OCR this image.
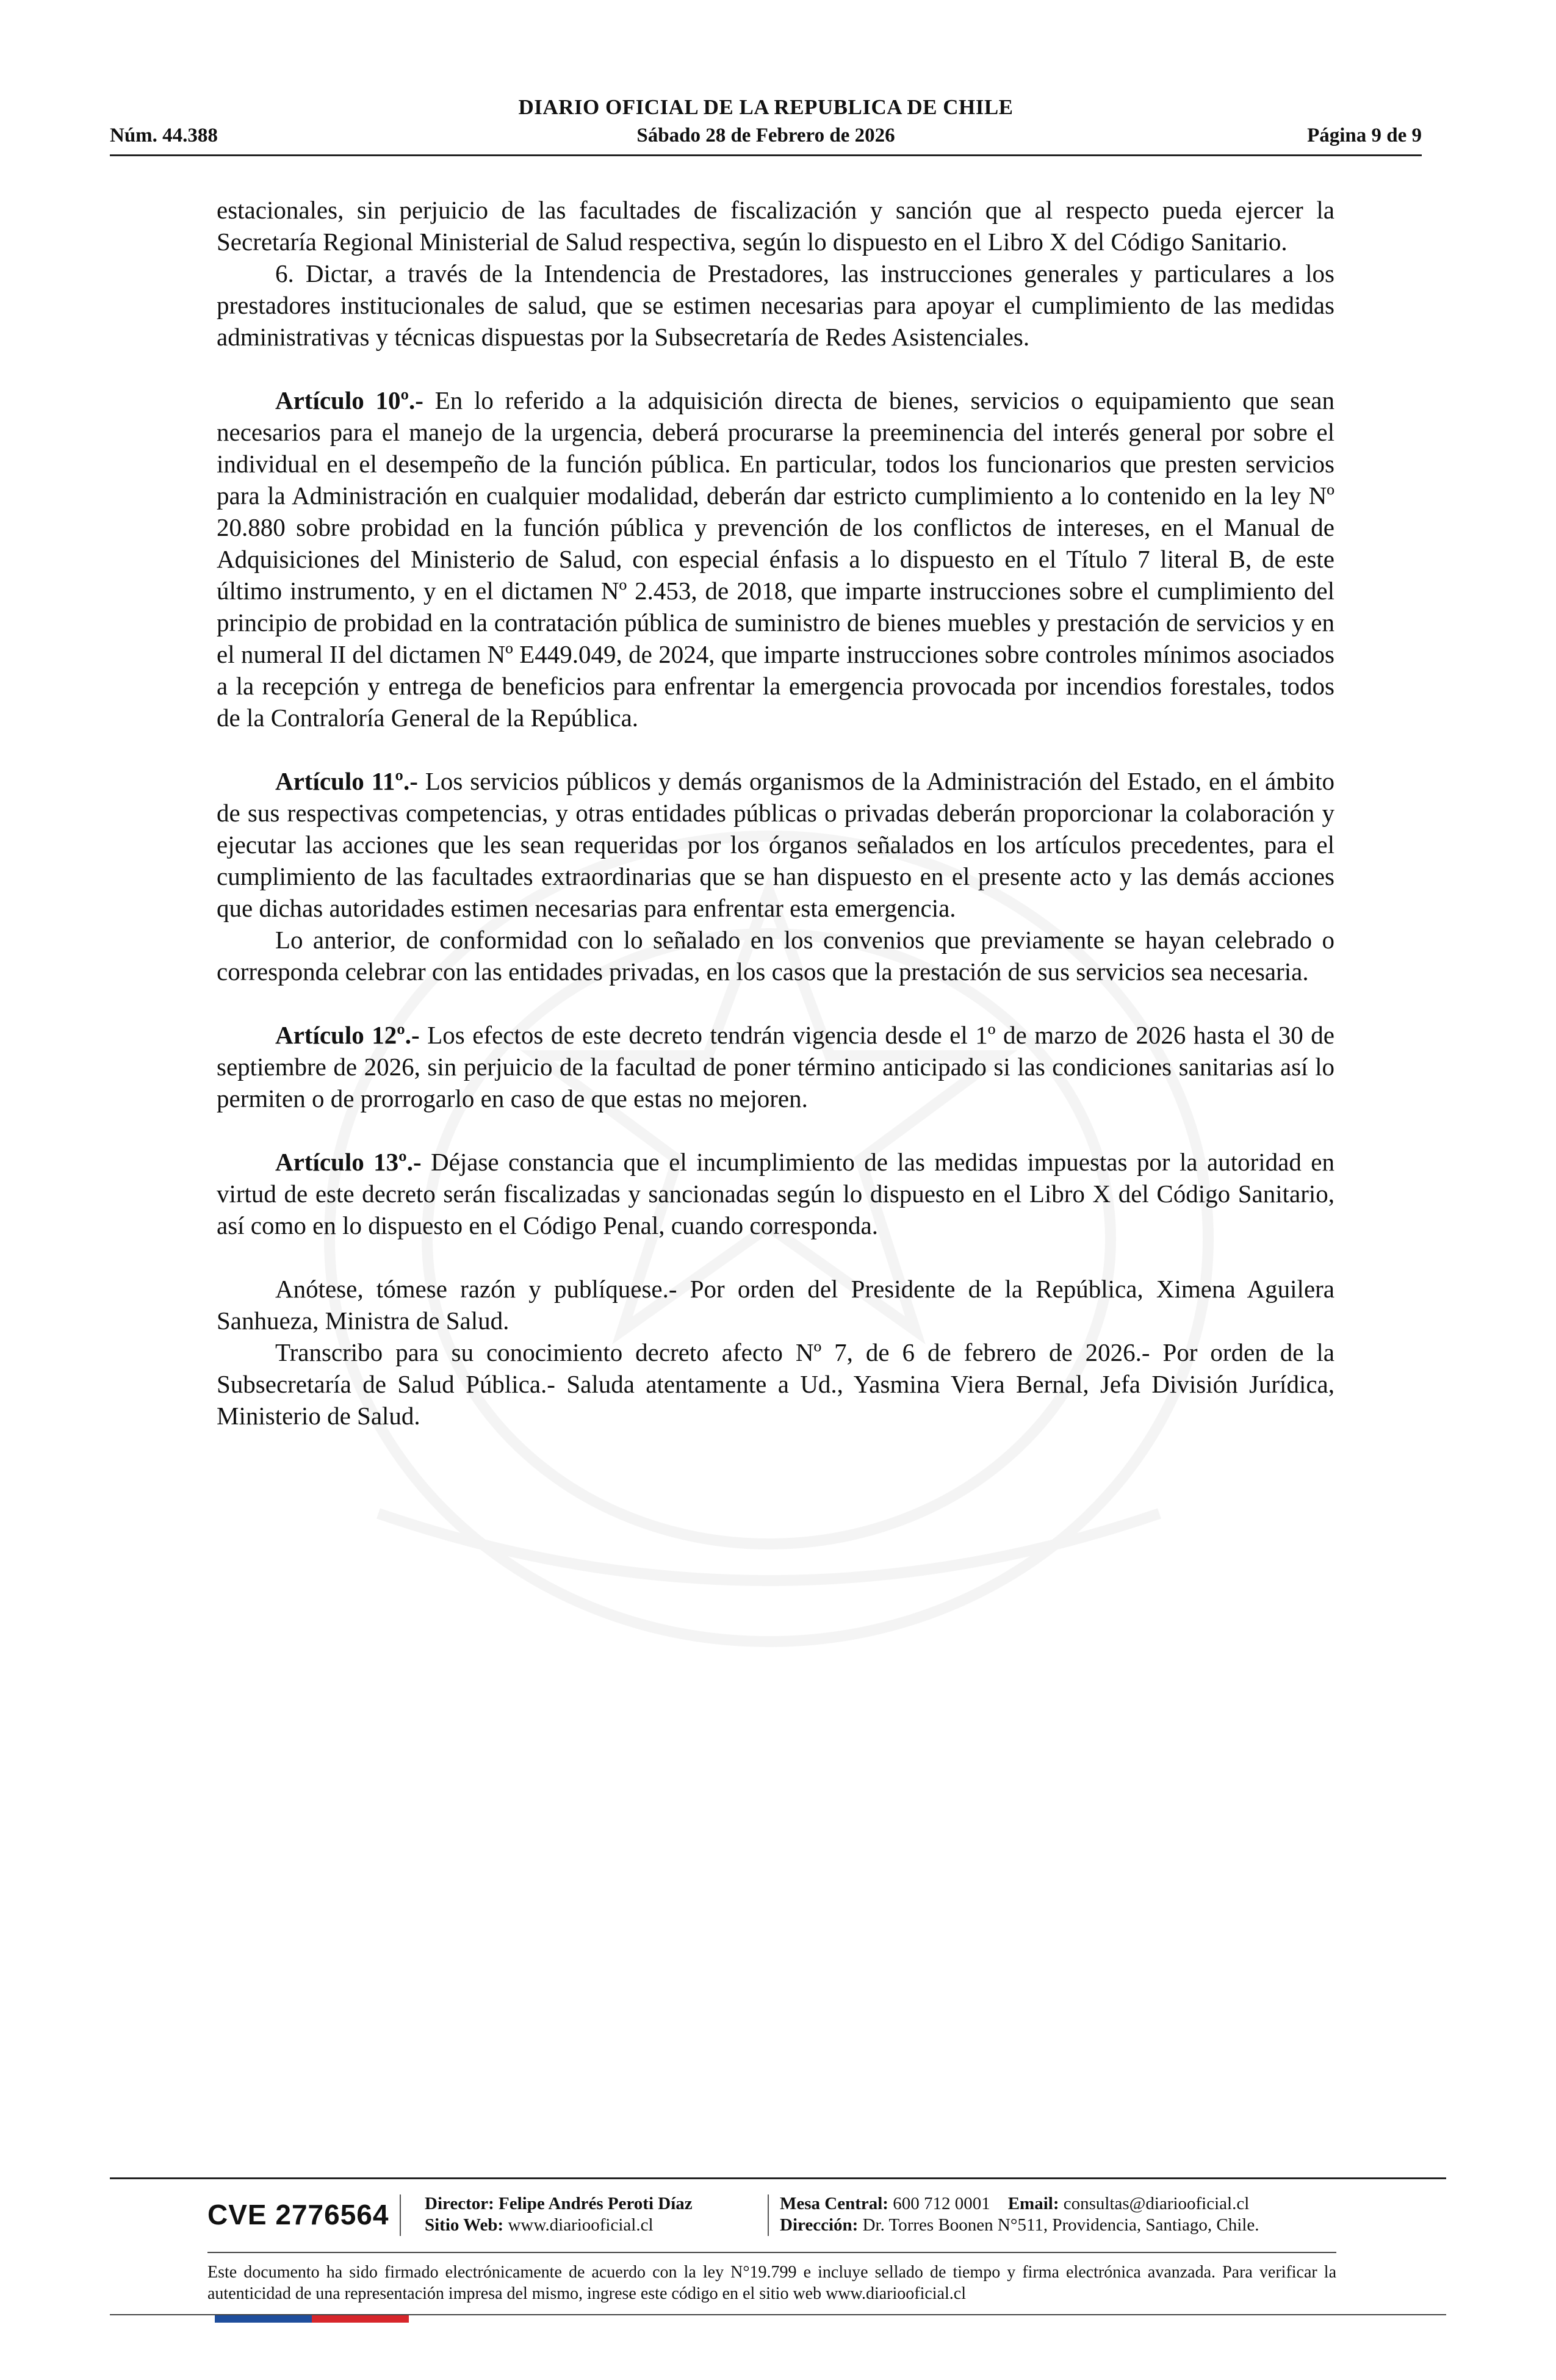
DIARIO OFICIAL DE LA REPUBLICA DE CHILE
Núm. 44.388	Sábado 28 de Febrero de 2026	Página 9 de 9

estacionales, sin perjuicio de las facultades de fiscalización y sanción que al respecto pueda ejercer la Secretaría Regional Ministerial de Salud respectiva, según lo dispuesto en el Libro X del Código Sanitario.

6. Dictar, a través de la Intendencia de Prestadores, las instrucciones generales y particulares a los prestadores institucionales de salud, que se estimen necesarias para apoyar el cumplimiento de las medidas administrativas y técnicas dispuestas por la Subsecretaría de Redes Asistenciales.

Artículo 10º.- En lo referido a la adquisición directa de bienes, servicios o equipamiento que sean necesarios para el manejo de la urgencia, deberá procurarse la preeminencia del interés general por sobre el individual en el desempeño de la función pública. En particular, todos los funcionarios que presten servicios para la Administración en cualquier modalidad, deberán dar estricto cumplimiento a lo contenido en la ley Nº 20.880 sobre probidad en la función pública y prevención de los conflictos de intereses, en el Manual de Adquisiciones del Ministerio de Salud, con especial énfasis a lo dispuesto en el Título 7 literal B, de este último instrumento, y en el dictamen Nº 2.453, de 2018, que imparte instrucciones sobre el cumplimiento del principio de probidad en la contratación pública de suministro de bienes muebles y prestación de servicios y en el numeral II del dictamen Nº E449.049, de 2024, que imparte instrucciones sobre controles mínimos asociados a la recepción y entrega de beneficios para enfrentar la emergencia provocada por incendios forestales, todos de la Contraloría General de la República.

Artículo 11º.- Los servicios públicos y demás organismos de la Administración del Estado, en el ámbito de sus respectivas competencias, y otras entidades públicas o privadas deberán proporcionar la colaboración y ejecutar las acciones que les sean requeridas por los órganos señalados en los artículos precedentes, para el cumplimiento de las facultades extraordinarias que se han dispuesto en el presente acto y las demás acciones que dichas autoridades estimen necesarias para enfrentar esta emergencia.

Lo anterior, de conformidad con lo señalado en los convenios que previamente se hayan celebrado o corresponda celebrar con las entidades privadas, en los casos que la prestación de sus servicios sea necesaria.

Artículo 12º.- Los efectos de este decreto tendrán vigencia desde el 1º de marzo de 2026 hasta el 30 de septiembre de 2026, sin perjuicio de la facultad de poner término anticipado si las condiciones sanitarias así lo permiten o de prorrogarlo en caso de que estas no mejoren.

Artículo 13º.- Déjase constancia que el incumplimiento de las medidas impuestas por la autoridad en virtud de este decreto serán fiscalizadas y sancionadas según lo dispuesto en el Libro X del Código Sanitario, así como en lo dispuesto en el Código Penal, cuando corresponda.

Anótese, tómese razón y publíquese.- Por orden del Presidente de la República, Ximena Aguilera Sanhueza, Ministra de Salud.

Transcribo para su conocimiento decreto afecto Nº 7, de 6 de febrero de 2026.- Por orden de la Subsecretaría de Salud Pública.- Saluda atentamente a Ud., Yasmina Viera Bernal, Jefa División Jurídica, Ministerio de Salud.

CVE 2776564 Director: Felipe Andrés Peroti Díaz
Sitio Web: www.diariooficial.cl
Mesa Central: 600 712 0001 Email: consultas@diariooficial.cl
Dirección: Dr. Torres Boonen N°511, Providencia, Santiago, Chile.
Este documento ha sido firmado electrónicamente de acuerdo con la ley N°19.799 e incluye sellado de tiempo y firma electrónica avanzada. Para verificar la autenticidad de una representación impresa del mismo, ingrese este código en el sitio web www.diariooficial.cl
